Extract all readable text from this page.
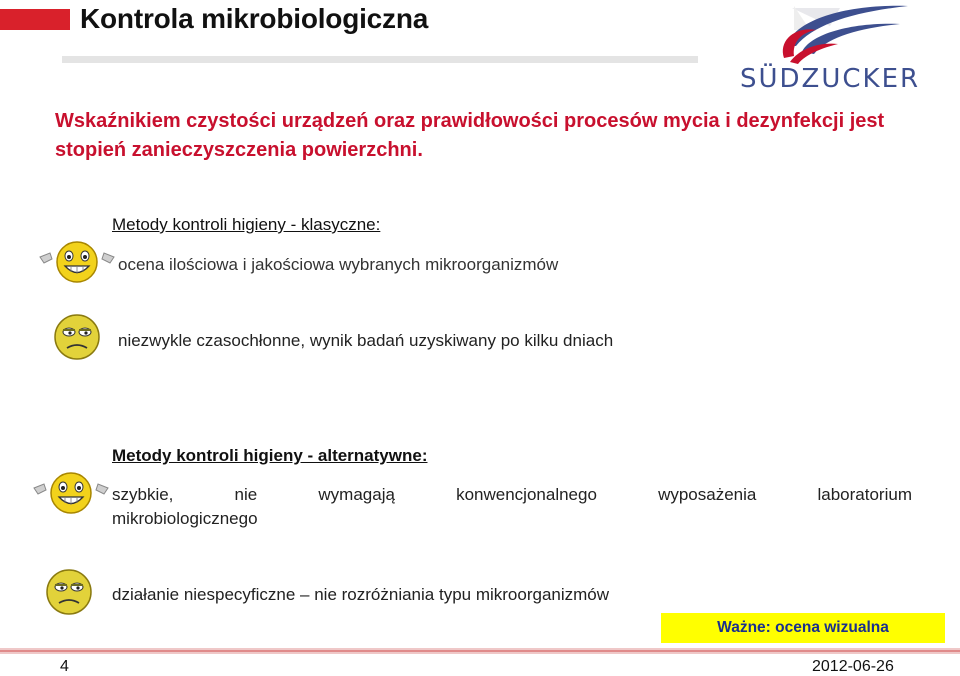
Kontrola mikrobiologiczna
SÜDZUCKER
Wskaźnikiem czystości urządzeń oraz prawidłowości procesów mycia i dezynfekcji jest stopień zanieczyszczenia powierzchni.
Metody kontroli higieny - klasyczne:
ocena ilościowa i jakościowa wybranych mikroorganizmów
niezwykle czasochłonne, wynik badań uzyskiwany po kilku dniach
Metody kontroli higieny - alternatywne:
szybkie, nie wymagają konwencjonalnego wyposażenia laboratorium
mikrobiologicznego
działanie niespecyficzne – nie rozróżniania typu mikroorganizmów
Ważne: ocena wizualna
4	2012-06-26
